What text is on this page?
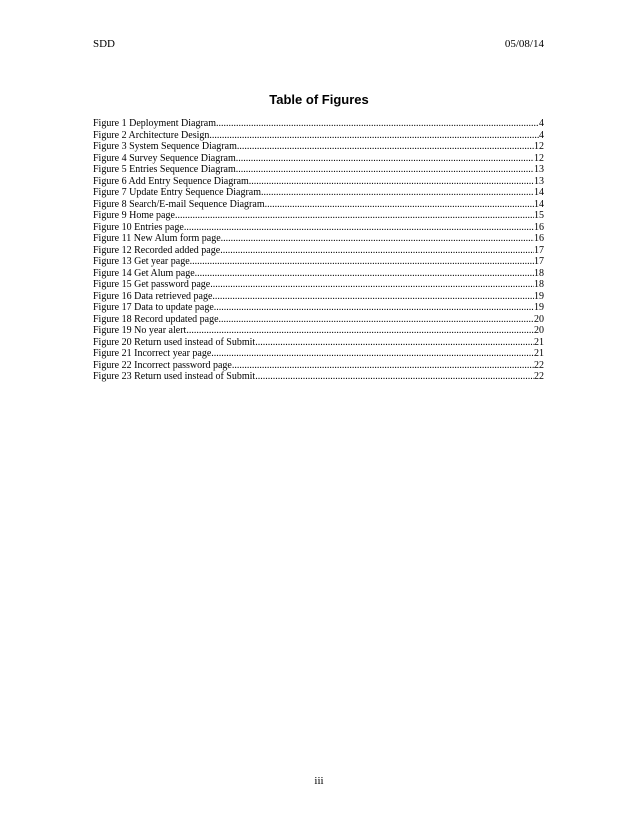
SDD	05/08/14
Table of Figures
Figure 1 Deployment Diagram .....	4
Figure 2 Architecture Design .....	4
Figure 3 System Sequence Diagram .....	12
Figure 4 Survey Sequence Diagram .....	12
Figure 5 Entries Sequence Diagram .....	13
Figure 6 Add Entry Sequence Diagram .....	13
Figure 7 Update Entry Sequence Diagram .....	14
Figure 8 Search/E-mail Sequence Diagram .....	14
Figure 9 Home page .....	15
Figure 10 Entries page .....	16
Figure 11 New Alum form page .....	16
Figure 12 Recorded added page .....	17
Figure 13 Get year page .....	17
Figure 14 Get Alum page .....	18
Figure 15 Get password page .....	18
Figure 16 Data retrieved page .....	19
Figure 17 Data to update page .....	19
Figure 18 Record updated page .....	20
Figure 19 No year alert .....	20
Figure 20 Return used instead of Submit .....	21
Figure 21 Incorrect year page .....	21
Figure 22 Incorrect password page .....	22
Figure 23 Return used instead of Submit .....	22
iii
